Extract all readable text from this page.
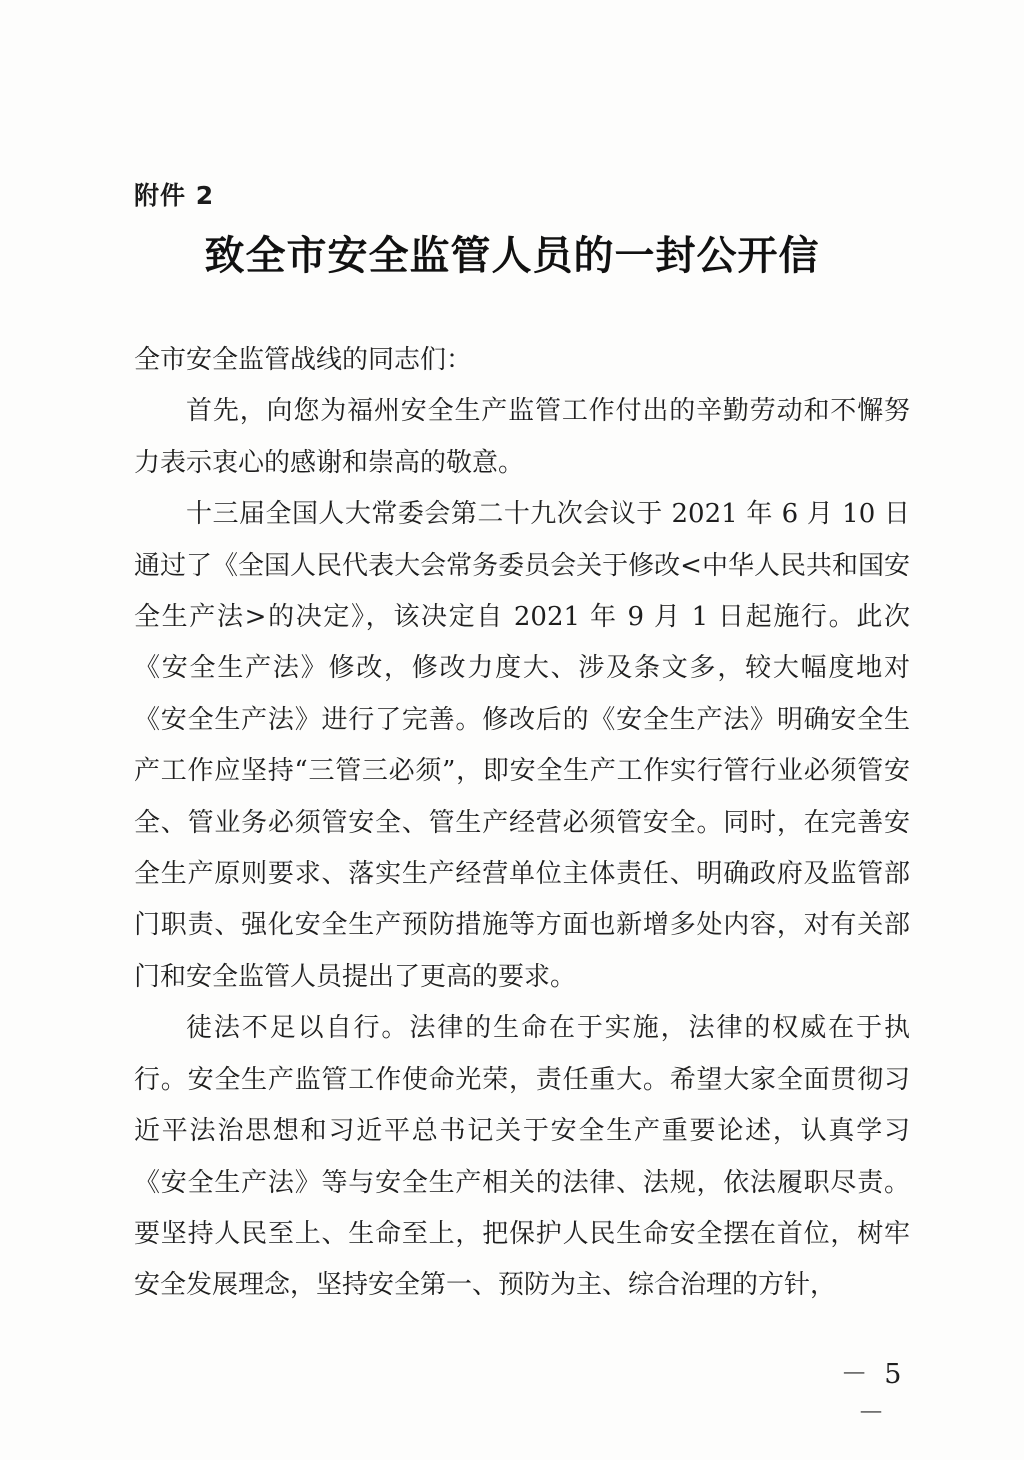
附件 2
致全市安全监管人员的一封公开信

全市安全监管战线的同志们：

首先，向您为福州安全生产监管工作付出的辛勤劳动和不懈努力表示衷心的感谢和崇高的敬意。

十三届全国人大常委会第二十九次会议于 2021 年 6 月 10 日通过了《全国人民代表大会常务委员会关于修改<中华人民共和国安全生产法>的决定》，该决定自 2021 年 9 月 1 日起施行。此次《安全生产法》修改，修改力度大、涉及条文多，较大幅度地对《安全生产法》进行了完善。修改后的《安全生产法》明确安全生产工作应坚持“三管三必须”，即安全生产工作实行管行业必须管安全、管业务必须管安全、管生产经营必须管安全。同时，在完善安全生产原则要求、落实生产经营单位主体责任、明确政府及监管部门职责、强化安全生产预防措施等方面也新增多处内容，对有关部门和安全监管人员提出了更高的要求。

徒法不足以自行。法律的生命在于实施，法律的权威在于执行。安全生产监管工作使命光荣，责任重大。希望大家全面贯彻习近平法治思想和习近平总书记关于安全生产重要论述，认真学习《安全生产法》等与安全生产相关的法律、法规，依法履职尽责。要坚持人民至上、生命至上，把保护人民生命安全摆在首位，树牢安全发展理念，坚持安全第一、预防为主、综合治理的方针，

－ 5 －
